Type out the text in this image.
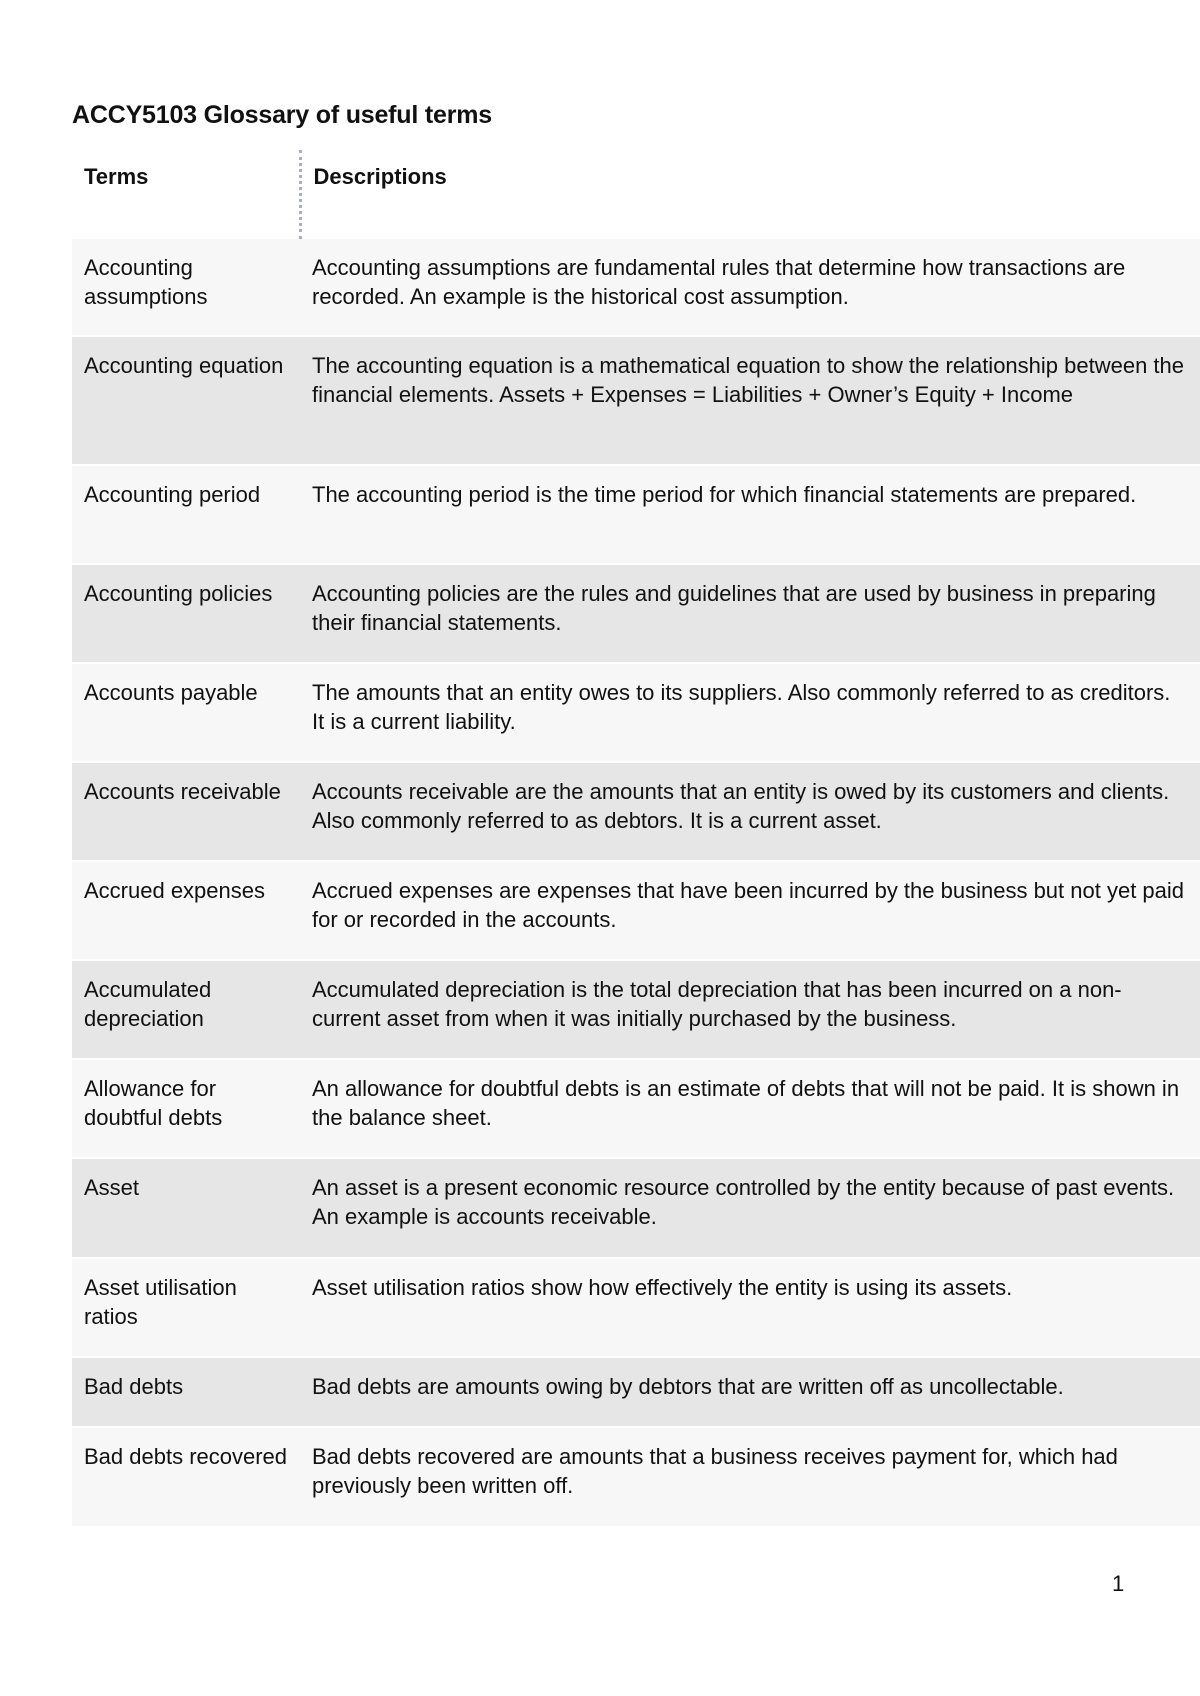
ACCY5103 Glossary of useful terms
Terms	Descriptions
Accounting assumptions	Accounting assumptions are fundamental rules that determine how transactions are recorded. An example is the historical cost assumption.
Accounting equation	The accounting equation is a mathematical equation to show the relationship between the financial elements. Assets + Expenses = Liabilities + Owner’s Equity + Income
Accounting period	The accounting period is the time period for which financial statements are prepared.
Accounting policies	Accounting policies are the rules and guidelines that are used by business in preparing their financial statements.
Accounts payable	The amounts that an entity owes to its suppliers. Also commonly referred to as creditors. It is a current liability.
Accounts receivable	Accounts receivable are the amounts that an entity is owed by its customers and clients. Also commonly referred to as debtors. It is a current asset.
Accrued expenses	Accrued expenses are expenses that have been incurred by the business but not yet paid for or recorded in the accounts.
Accumulated depreciation	Accumulated depreciation is the total depreciation that has been incurred on a non-current asset from when it was initially purchased by the business.
Allowance for doubtful debts	An allowance for doubtful debts is an estimate of debts that will not be paid. It is shown in the balance sheet.
Asset	An asset is a present economic resource controlled by the entity because of past events. An example is accounts receivable.
Asset utilisation ratios	Asset utilisation ratios show how effectively the entity is using its assets.
Bad debts	Bad debts are amounts owing by debtors that are written off as uncollectable.
Bad debts recovered	Bad debts recovered are amounts that a business receives payment for, which had previously been written off.
1
